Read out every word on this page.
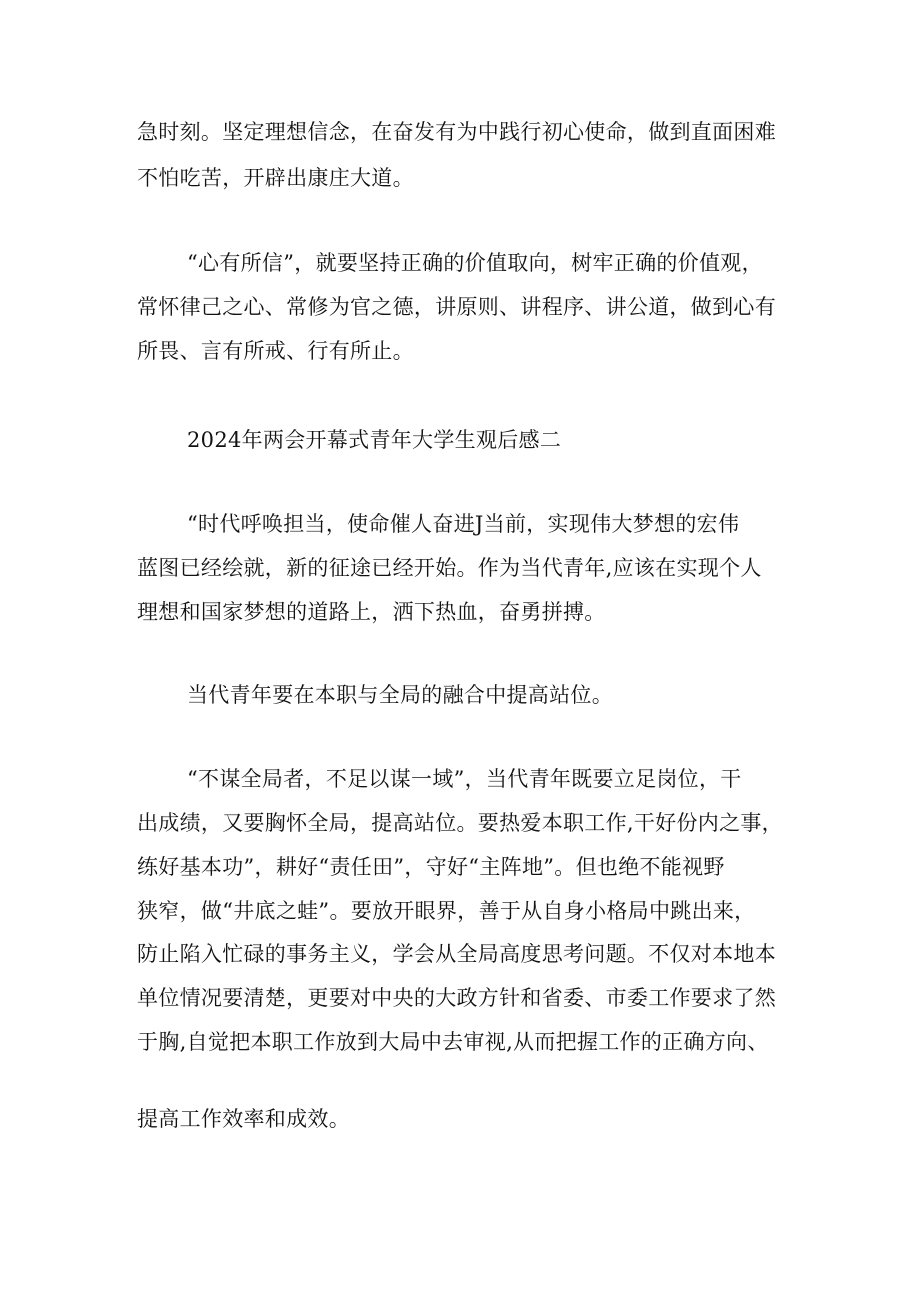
急时刻。坚定理想信念，在奋发有为中践行初心使命，做到直面困难
不怕吃苦，开辟出康庄大道。
“心有所信”，就要坚持正确的价值取向，树牢正确的价值观，
常怀律己之心、常修为官之德，讲原则、讲程序、讲公道，做到心有
所畏、言有所戒、行有所止。
2024年两会开幕式青年大学生观后感二
“时代呼唤担当，使命催人奋进J当前，实现伟大梦想的宏伟
蓝图已经绘就，新的征途已经开始。作为当代青年,应该在实现个人
理想和国家梦想的道路上，洒下热血，奋勇拼搏。
当代青年要在本职与全局的融合中提高站位。
“不谋全局者，不足以谋一域”，当代青年既要立足岗位，干
出成绩，又要胸怀全局，提高站位。要热爱本职工作,干好份内之事，
练好基本功”，耕好“责任田”，守好“主阵地”。但也绝不能视野
狭窄，做“井底之蛙”。要放开眼界，善于从自身小格局中跳出来，
防止陷入忙碌的事务主义，学会从全局高度思考问题。不仅对本地本
单位情况要清楚，更要对中央的大政方针和省委、市委工作要求了然
于胸,自觉把本职工作放到大局中去审视,从而把握工作的正确方向、
提高工作效率和成效。
